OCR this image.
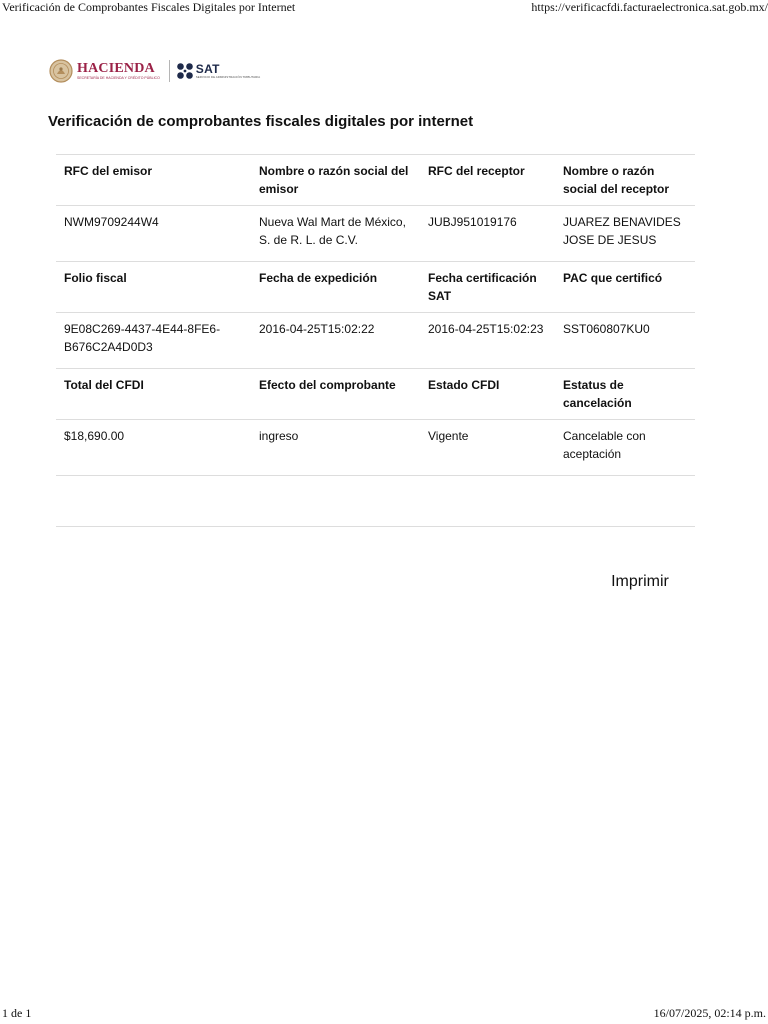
Verificación de Comprobantes Fiscales Digitales por Internet	https://verificacfdi.facturaelectronica.sat.gob.mx/
HACIENDA
SECRETARÍA DE HACIENDA Y CRÉDITO PÚBLICO
SAT
SERVICIO DE ADMINISTRACIÓN TRIBUTARIA
Verificación de comprobantes fiscales digitales por internet
RFC del emisor	Nombre o razón social del emisor	RFC del receptor	Nombre o razón social del receptor
NWM9709244W4	Nueva Wal Mart de México, S. de R. L. de C.V.	JUBJ951019176	JUAREZ BENAVIDES JOSE DE JESUS
Folio fiscal	Fecha de expedición	Fecha certificación SAT	PAC que certificó
9E08C269-4437-4E44-8FE6-B676C2A4D0D3	2016-04-25T15:02:22	2016-04-25T15:02:23	SST060807KU0
Total del CFDI	Efecto del comprobante	Estado CFDI	Estatus de cancelación
$18,690.00	ingreso	Vigente	Cancelable con aceptación

Imprimir
1 de 1	16/07/2025, 02:14 p.m.
